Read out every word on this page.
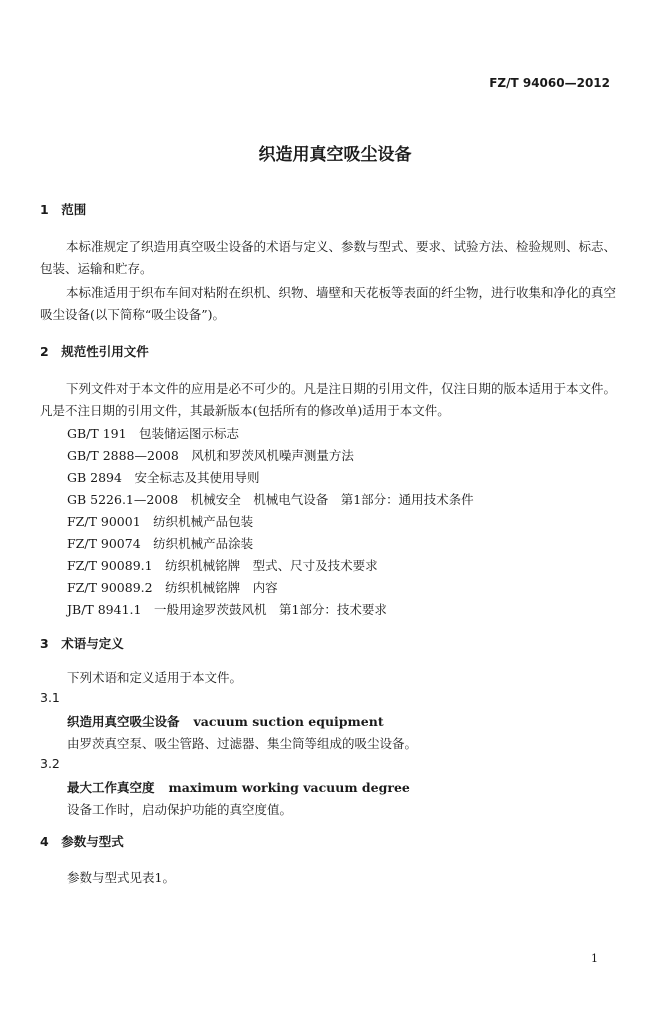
FZ/T 94060—2012
织造用真空吸尘设备
1　范围
本标准规定了织造用真空吸尘设备的术语与定义、参数与型式、要求、试验方法、检验规则、标志、包装、运输和贮存。
本标准适用于织布车间对粘附在织机、织物、墙壁和天花板等表面的纤尘物，进行收集和净化的真空吸尘设备(以下简称“吸尘设备”)。
2　规范性引用文件
下列文件对于本文件的应用是必不可少的。凡是注日期的引用文件，仅注日期的版本适用于本文件。凡是不注日期的引用文件，其最新版本(包括所有的修改单)适用于本文件。
GB/T 191　包装储运图示标志
GB/T 2888—2008　风机和罗茨风机噪声测量方法
GB 2894　安全标志及其使用导则
GB 5226.1—2008　机械安全　机械电气设备　第1部分：通用技术条件
FZ/T 90001　纺织机械产品包装
FZ/T 90074　纺织机械产品涂装
FZ/T 90089.1　纺织机械铭牌　型式、尺寸及技术要求
FZ/T 90089.2　纺织机械铭牌　内容
JB/T 8941.1　一般用途罗茨鼓风机　第1部分：技术要求
3　术语与定义
下列术语和定义适用于本文件。
3.1
织造用真空吸尘设备 vacuum suction equipment
由罗茨真空泵、吸尘管路、过滤器、集尘筒等组成的吸尘设备。
3.2
最大工作真空度 maximum working vacuum degree
设备工作时，启动保护功能的真空度值。
4　参数与型式
参数与型式见表1。
1
